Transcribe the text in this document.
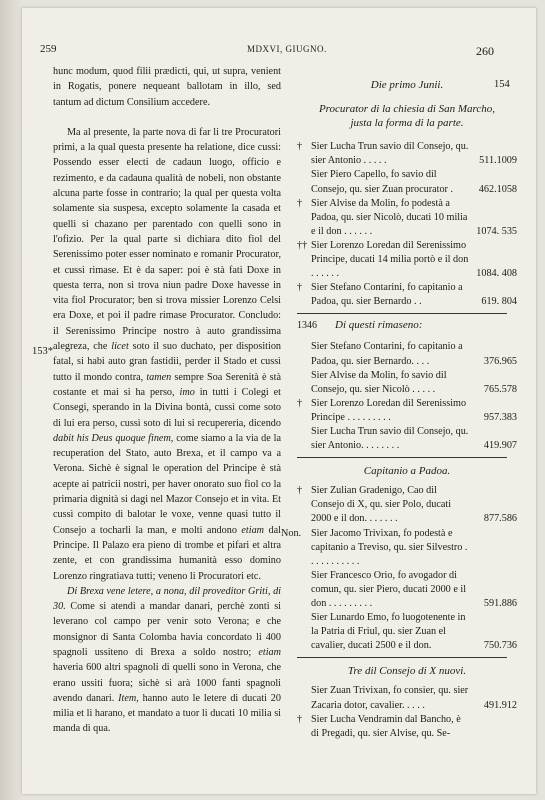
259	MDXVI, GIUGNO.	260
153*

hunc modum, quod filii prædicti, qui, ut supra, venient in Rogatis, ponere nequeant ballotam in illo, sed tantum ad dictum Consilium accedere.

Ma al presente, la parte nova di far li tre Procuratori primi, a la qual questa presente ha relatione, dice cussì: Possendo esser electi de cadaun luogo, officio e rezimento, e da cadauna qualità de nobeli, non obstante alcuna parte fosse in contrario; la qual per questa volta solamente sia suspesa, excepto solamente la casada et quelli si chazano per parentado con quelli sono in l'ofizio. Per la qual parte si dichiara dito fiol del Serenissimo poter esser nominato e romanir Procurator, et cussì rimase. Et è da saper: poi è stà fati Doxe in questa terra, non si trova niun padre Doxe havesse in vita fiol Procurator; ben si trova missier Lorenzo Celsi era Doxe, et poi il padre rimase Procurator. Concludo: il Serenissimo Principe nostro à auto grandissima alegreza, che licet soto il suo duchato, per disposition fatal, si habi auto gran fastidii, perder il Stado et cussì tutto il mondo contra, tamen sempre Soa Serenità è stà costante et mai si ha perso, imo in tutti i Colegi et Consegi, sperando in la Divina bontà, cussì come soto di lui era perso, cussì soto di lui si recupereria, dicendo dabit his Deus quoque finem, come siamo a la via de la recuperation del Stato, auto Brexa, et il campo va a Verona. Sichè è signal le operation del Principe è stà acepte ai patricii nostri, per haver onorato suo fiol co la primaria dignità si dagi nel Mazor Consejo et in vita. Et cussì compito di balotar le voxe, venne quasi tutto il Consejo a tocharli la man, e molti andono etiam dal Principe. Il Palazo era pieno di trombe et pifari et altra zente, et con grandissima humanità esso domino Lorenzo ringratiava tutti; veneno li Procuratori etc.

Di Brexa vene letere, a nona, dil proveditor Griti, di 30. Come si atendi a mandar danari, perchè zonti si leverano col campo per venir soto Verona; e che monsignor di Santa Colomba havia concordato li 400 spagnoli ussiteno di Brexa a soldo nostro; etiam haveria 600 altri spagnoli di quelli sono in Verona, che erano ussiti fuora; sichè si arà 1000 fanti spagnoli avendo danari. Item, hanno auto le letere di ducati 20 milia et li harano, et mandato a tuor li ducati 10 milia si manda di qua.

154

Die primo Junii.

Procurator di la chiesia di San Marcho,

justa la forma di la parte.

† Sier Lucha Trun savio dil Consejo, qu. sier Antonio . . . . .	511.1009
Sier Piero Capello, fo savio dil Consejo, qu. sier Zuan procurator .	462.1058
† Sier Alvise da Molin, fo podestà a Padoa, qu. sier Nicolò, ducati 10 milia e il don . . . . . .	1074. 535
†† Sier Lorenzo Loredan dil Serenissimo Principe, ducati 14 milia portò e il don . . . . . .	1084. 408
† Sier Stefano Contarini, fo capitanio a Padoa, qu. sier Bernardo . .	619. 804
1346 Di questi rimaseno:

Sier Stefano Contarini, fo capitanio a Padoa, qu. sier Bernardo. . . .	376.965
Sier Alvise da Molin, fo savio dil Consejo, qu. sier Nicolò . . . . .	765.578
† Sier Lorenzo Loredan dil Serenissimo Principe . . . . . . . . .	957.383
Sier Lucha Trun savio dil Consejo, qu. sier Antonio. . . . . . . .	419.907

Capitanio a Padoa.

† Sier Zulian Gradenigo, Cao dil Consejo di X, qu. sier Polo, ducati 2000 e il don. . . . . . .	877.586
Non. Sier Jacomo Trivixan, fo podestà e capitanio a Treviso, qu. sier Silvestro . . . . . . . . . . .
Sier Francesco Orio, fo avogador di comun, qu. sier Piero, ducati 2000 e il don . . . . . . . . .	591.886
Sier Lunardo Emo, fo luogotenente in la Patria di Friul, qu. sier Zuan el cavalier, ducati 2500 e il don.	750.736

Tre dil Consejo di X nuovi.

Sier Zuan Trivixan, fo consier, qu. sier Zacaria dotor, cavalier. . . . .	491.912
† Sier Lucha Vendramin dal Bancho, è di Pregadi, qu. sier Alvise, qu. Se-
